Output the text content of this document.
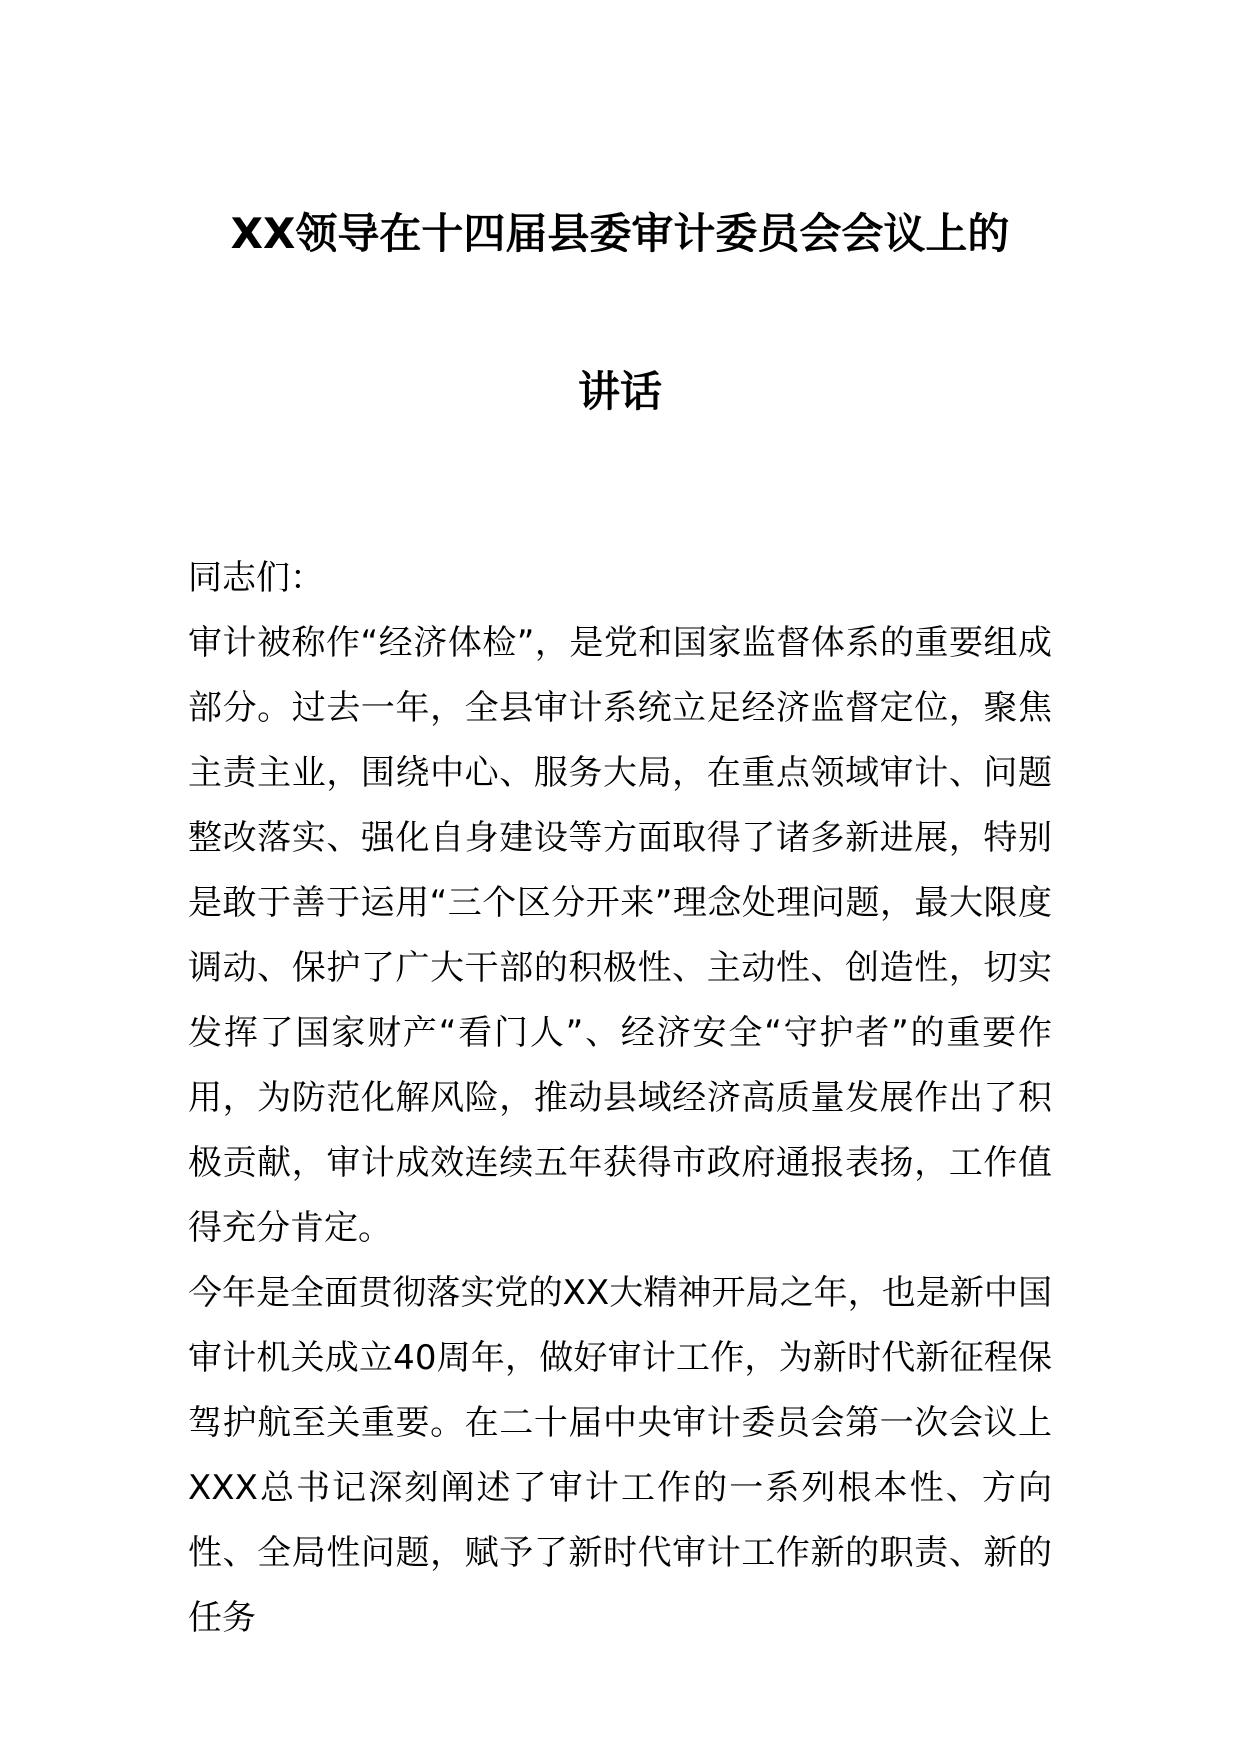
XX领导在十四届县委审计委员会会议上的
讲话

同志们：

审计被称作“经济体检”，是党和国家监督体系的重要组成部分。过去一年，全县审计系统立足经济监督定位，聚焦主责主业，围绕中心、服务大局，在重点领域审计、问题整改落实、强化自身建设等方面取得了诸多新进展，特别是敢于善于运用“三个区分开来”理念处理问题，最大限度调动、保护了广大干部的积极性、主动性、创造性，切实发挥了国家财产“看门人”、经济安全“守护者”的重要作用，为防范化解风险，推动县域经济高质量发展作出了积极贡献，审计成效连续五年获得市政府通报表扬，工作值得充分肯定。

今年是全面贯彻落实党的XX大精神开局之年，也是新中国审计机关成立40周年，做好审计工作，为新时代新征程保驾护航至关重要。在二十届中央审计委员会第一次会议上XXX总书记深刻阐述了审计工作的一系列根本性、方向性、全局性问题，赋予了新时代审计工作新的职责、新的任务
